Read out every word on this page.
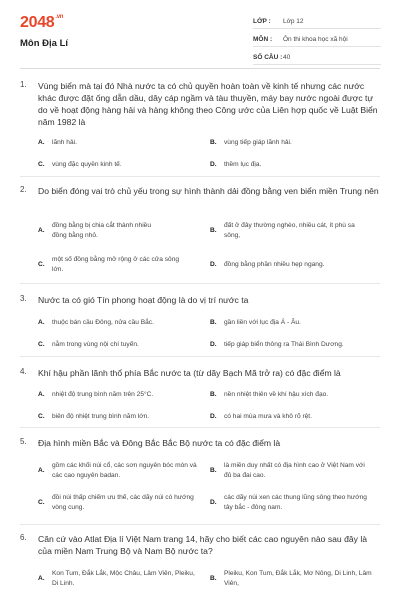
$2048^{.vn}$
Môn Địa Lí
LỚP :	Lớp 12
MÔN :	Ôn thi khoa học xã hội
SỐ CÂU : 40
1. Vùng biển mà tại đó Nhà nước ta có chủ quyền hoàn toàn về kinh tế nhưng các nước khác được đặt ống dẫn dầu, dây cáp ngầm và tàu thuyền, máy bay nước ngoài được tự do về hoạt động hàng hải và hàng không theo Công ước của Liên hợp quốc về Luật Biển năm 1982 là
A. lãnh hải.	B. vùng tiếp giáp lãnh hải.
C. vùng đặc quyền kinh tế.	D. thềm lục địa.
2. Do biển đóng vai trò chủ yếu trong sự hình thành dải đồng bằng ven biển miền Trung nên
A.
đồng bằng bị chia cắt thành nhiều đồng bằng nhỏ.
B.
đất ở đây thường nghèo, nhiều cát, ít phù sa sông,
C.
một số đồng bằng mở rộng ở các cửa sông lớn.
D. đồng bằng phần nhiều hẹp ngang.
3. Nước ta có gió Tín phong hoạt động là do vị trí nước ta
A. thuộc bán cầu Đông, nửa cầu Bắc.	B. gần liền với lục địa Á - Âu.
C. nằm trong vùng nội chí tuyến.	D. tiếp giáp biển thông ra Thái Bình Dương.
4. Khí hậu phần lãnh thổ phía Bắc nước ta (từ dãy Bạch Mã trở ra) có đặc điểm là
A. nhiệt độ trung bình năm trên 25°C.	B. nền nhiệt thiên về khí hậu xích đạo.
C. biên độ nhiệt trung bình năm lớn.	D. có hai mùa mưa và khô rõ rệt.
5. Địa hình miền Bắc và Đông Bắc Bắc Bộ nước ta có đặc điểm là
A.
gồm các khối núi cổ, các sơn nguyên bóc mòn và các cao nguyên badan.
B.
là miền duy nhất có địa hình cao ở Việt Nam với đủ ba đai cao.
C.
đồi núi thấp chiếm ưu thế, các dãy núi có hướng vòng cung.
D.
các dãy núi xen các thung lũng sông theo hướng tây bắc - đông nam.
6. Căn cứ vào Atlat Địa lí Việt Nam trang 14, hãy cho biết các cao nguyên nào sau đây là của miền Nam Trung Bộ và Nam Bộ nước ta?
A.
Kon Tum, Đắk Lắk, Mộc Châu, Lâm Viên, Pleiku, Di Linh.
B.
Pleiku, Kon Tum, Đắk Lắk, Mơ Nông, Di Linh, Lâm Viên,
